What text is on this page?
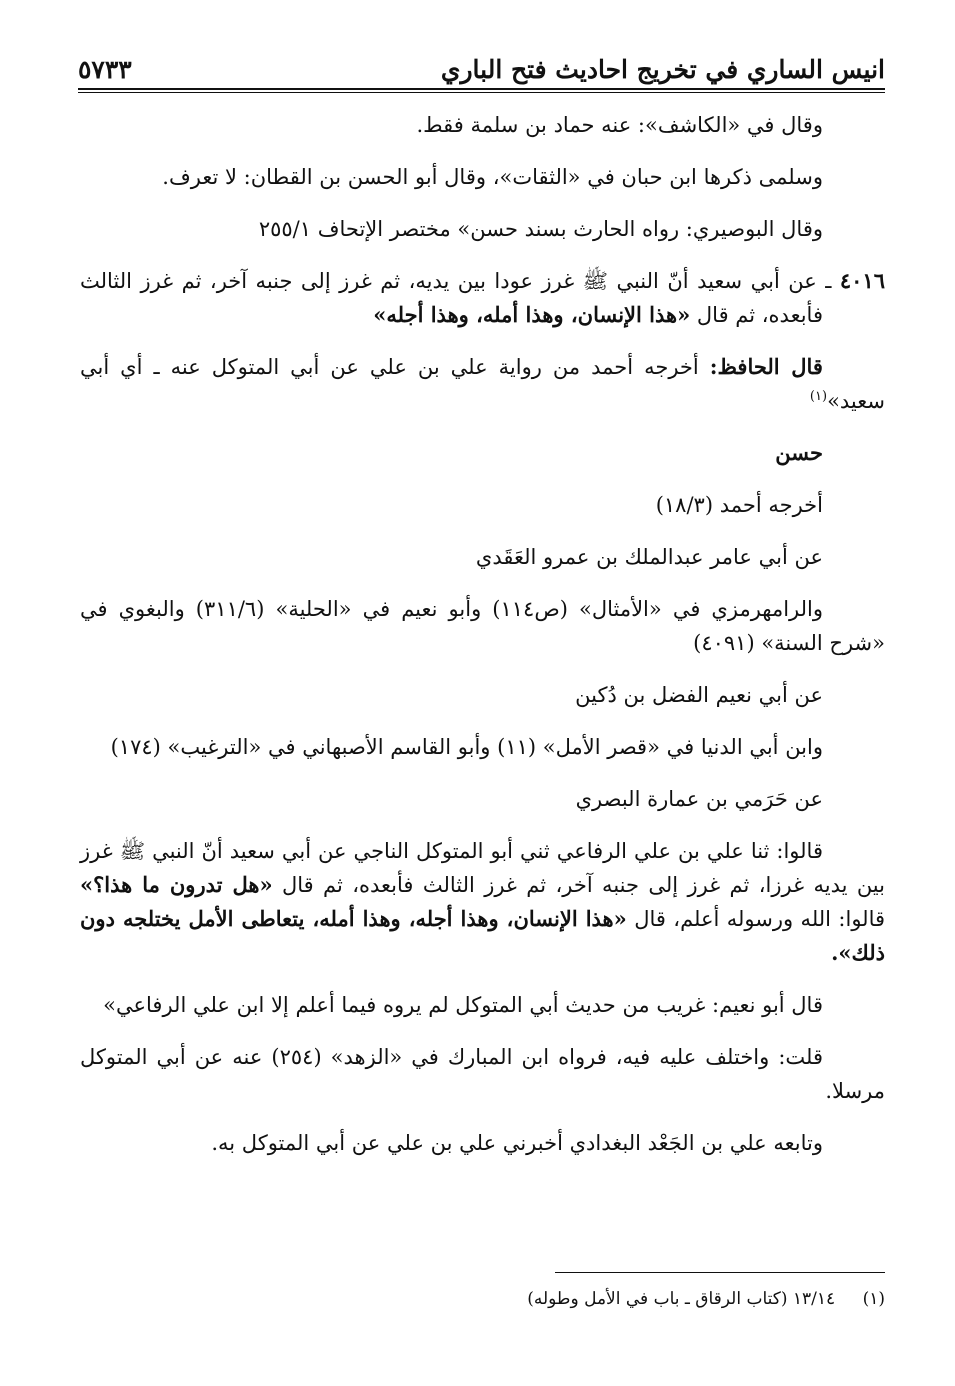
انيس الساري في تخريج احاديث فتح الباري
٥٧٣٣

وقال في «الكاشف»: عنه حماد بن سلمة فقط.

وسلمى ذكرها ابن حبان في «الثقات»، وقال أبو الحسن بن القطان: لا تعرف.

وقال البوصيري: رواه الحارث بسند حسن» مختصر الإتحاف ٢٥٥/١

٤٠١٦ ـ عن أبي سعيد أنّ النبي ﷺ غرز عودا بين يديه، ثم غرز إلى جنبه آخر، ثم غرز الثالث فأبعده، ثم قال «هذا الإنسان، وهذا أمله، وهذا أجله»

قال الحافظ: أخرجه أحمد من رواية علي بن علي عن أبي المتوكل عنه ـ أي أبي سعيد»$^{(١)}$

حسن

أخرجه أحمد (١٨/٣)

عن أبي عامر عبدالملك بن عمرو العَقَدي

والرامهرمزي في «الأمثال» (ص١١٤) وأبو نعيم في «الحلية» (٣١١/٦) والبغوي في «شرح السنة» (٤٠٩١)

عن أبي نعيم الفضل بن دُكين

وابن أبي الدنيا في «قصر الأمل» (١١) وأبو القاسم الأصبهاني في «الترغيب» (١٧٤)

عن حَرَمي بن عمارة البصري

قالوا: ثنا علي بن علي الرفاعي ثني أبو المتوكل الناجي عن أبي سعيد أنّ النبي ﷺ غرز بين يديه غرزا، ثم غرز إلى جنبه آخر، ثم غرز الثالث فأبعده، ثم قال «هل تدرون ما هذا؟» قالوا: الله ورسوله أعلم، قال «هذا الإنسان، وهذا أجله، وهذا أمله، يتعاطى الأمل يختلجه دون ذلك».

قال أبو نعيم: غريب من حديث أبي المتوكل لم يروه فيما أعلم إلا ابن علي الرفاعي»

قلت: واختلف عليه فيه، فرواه ابن المبارك في «الزهد» (٢٥٤) عنه عن أبي المتوكل مرسلا.

وتابعه علي بن الجَعْد البغدادي أخبرني علي بن علي عن أبي المتوكل به.

(١) ١٣/١٤ (كتاب الرقاق ـ باب في الأمل وطوله)
